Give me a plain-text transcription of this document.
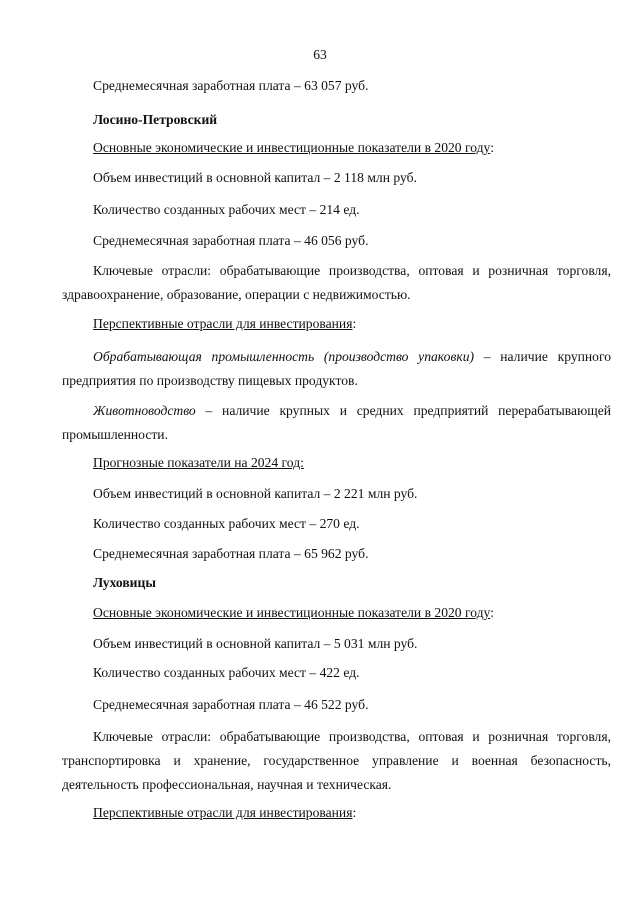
63
Среднемесячная заработная плата – 63 057 руб.
Лосино-Петровский
Основные экономические и инвестиционные показатели в 2020 году:
Объем инвестиций в основной капитал – 2 118 млн руб.
Количество созданных рабочих мест – 214 ед.
Среднемесячная заработная плата – 46 056 руб.
Ключевые отрасли: обрабатывающие производства, оптовая и розничная торговля, здравоохранение, образование, операции с недвижимостью.
Перспективные отрасли для инвестирования:
Обрабатывающая промышленность (производство упаковки) – наличие крупного предприятия по производству пищевых продуктов.
Животноводство – наличие крупных и средних предприятий перерабатывающей промышленности.
Прогнозные показатели на 2024 год:
Объем инвестиций в основной капитал – 2 221 млн руб.
Количество созданных рабочих мест – 270 ед.
Среднемесячная заработная плата – 65 962 руб.
Луховицы
Основные экономические и инвестиционные показатели в 2020 году:
Объем инвестиций в основной капитал – 5 031 млн руб.
Количество созданных рабочих мест – 422 ед.
Среднемесячная заработная плата – 46 522 руб.
Ключевые отрасли: обрабатывающие производства, оптовая и розничная торговля, транспортировка и хранение, государственное управление и военная безопасность, деятельность профессиональная, научная и техническая.
Перспективные отрасли для инвестирования:
